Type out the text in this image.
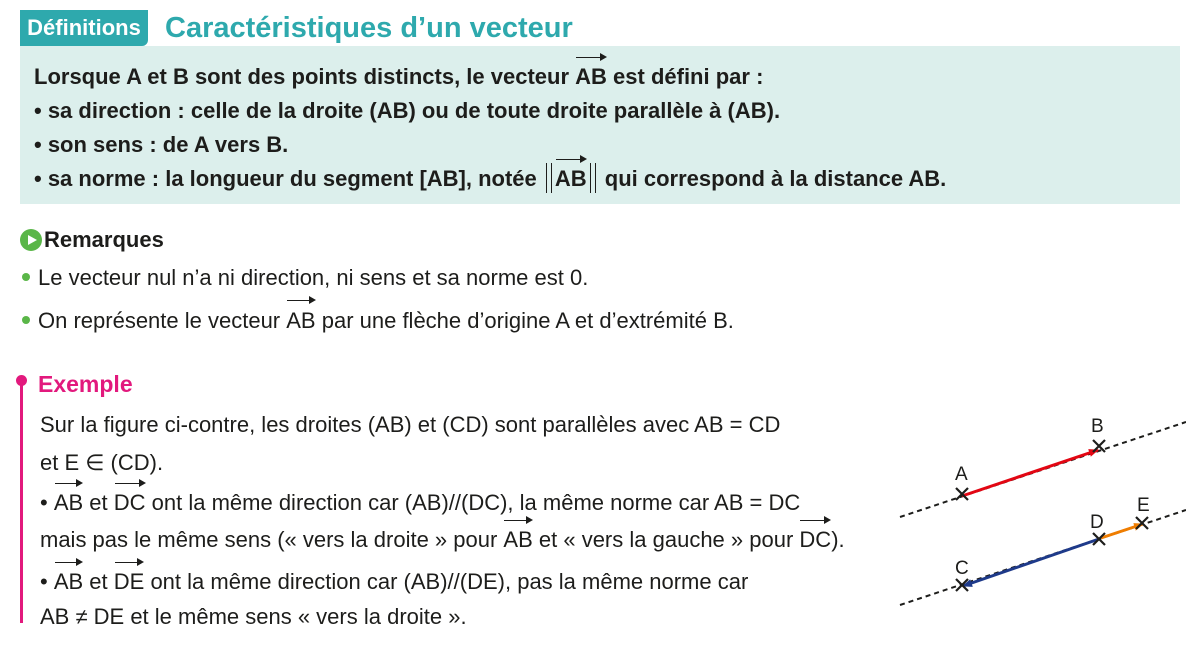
Définitions Caractéristiques d’un vecteur
Lorsque A et B sont des points distincts, le vecteur AB est défini par :
• sa direction : celle de la droite (AB) ou de toute droite parallèle à (AB).
• son sens : de A vers B.
• sa norme : la longueur du segment [AB], notée AB qui correspond à la distance AB.
Remarques
Le vecteur nul n’a ni direction, ni sens et sa norme est 0.
On représente le vecteur AB par une flèche d’origine A et d’extrémité B.
Exemple
Sur la figure ci-contre, les droites (AB) et (CD) sont parallèles avec AB = CD
et E ∈ (CD).
• AB et DC ont la même direction car (AB)//(DC), la même norme car AB = DC
mais pas le même sens (« vers la droite » pour AB et « vers la gauche » pour DC).
• AB et DE ont la même direction car (AB)//(DE), pas la même norme car
AB ≠ DE et le même sens « vers la droite ».
A
B
C
D
E
